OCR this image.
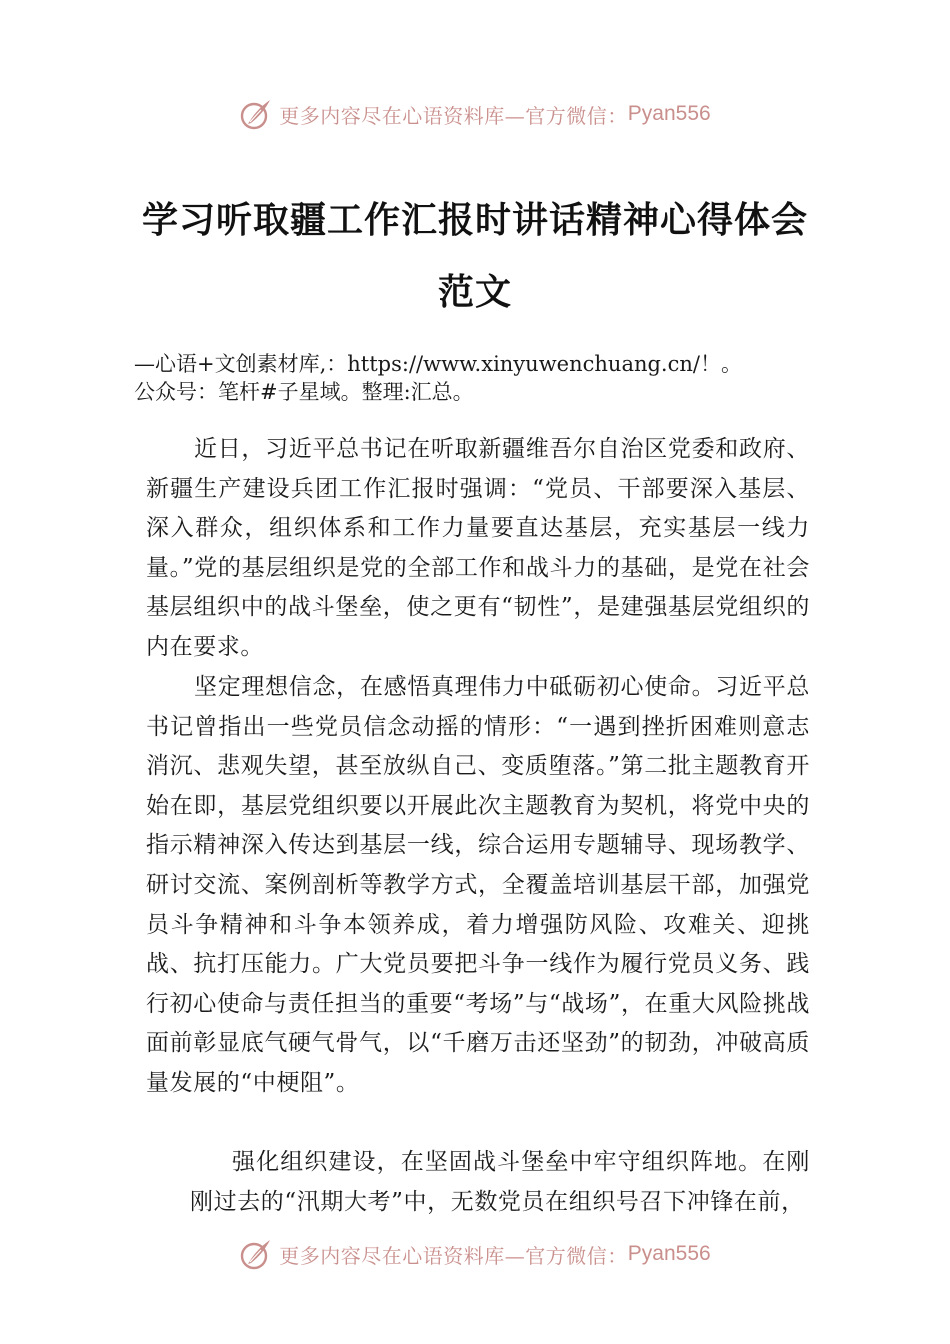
更多内容尽在心语资料库—官方微信： Pyan556
学习听取疆工作汇报时讲话精神心得体会
范文
—心语+文创素材库,：https://www.xinyuwenchuang.cn/！。
公众号：笔杆#子星域。整理:汇总。

近日，习近平总书记在听取新疆维吾尔自治区党委和政府、新疆生产建设兵团工作汇报时强调：“党员、干部要深入基层、深入群众，组织体系和工作力量要直达基层，充实基层一线力量。”党的基层组织是党的全部工作和战斗力的基础，是党在社会基层组织中的战斗堡垒，使之更有“韧性”，是建强基层党组织的内在要求。

坚定理想信念，在感悟真理伟力中砥砺初心使命。习近平总书记曾指出一些党员信念动摇的情形：“一遇到挫折困难则意志消沉、悲观失望，甚至放纵自己、变质堕落。”第二批主题教育开始在即，基层党组织要以开展此次主题教育为契机，将党中央的指示精神深入传达到基层一线，综合运用专题辅导、现场教学、研讨交流、案例剖析等教学方式，全覆盖培训基层干部，加强党员斗争精神和斗争本领养成，着力增强防风险、攻难关、迎挑战、抗打压能力。广大党员要把斗争一线作为履行党员义务、践行初心使命与责任担当的重要“考场”与“战场”，在重大风险挑战面前彰显底气硬气骨气，以“千磨万击还坚劲”的韧劲，冲破高质量发展的“中梗阻”。

强化组织建设，在坚固战斗堡垒中牢守组织阵地。在刚刚过去的“汛期大考”中，无数党员在组织号召下冲锋在前，

更多内容尽在心语资料库—官方微信： Pyan556
